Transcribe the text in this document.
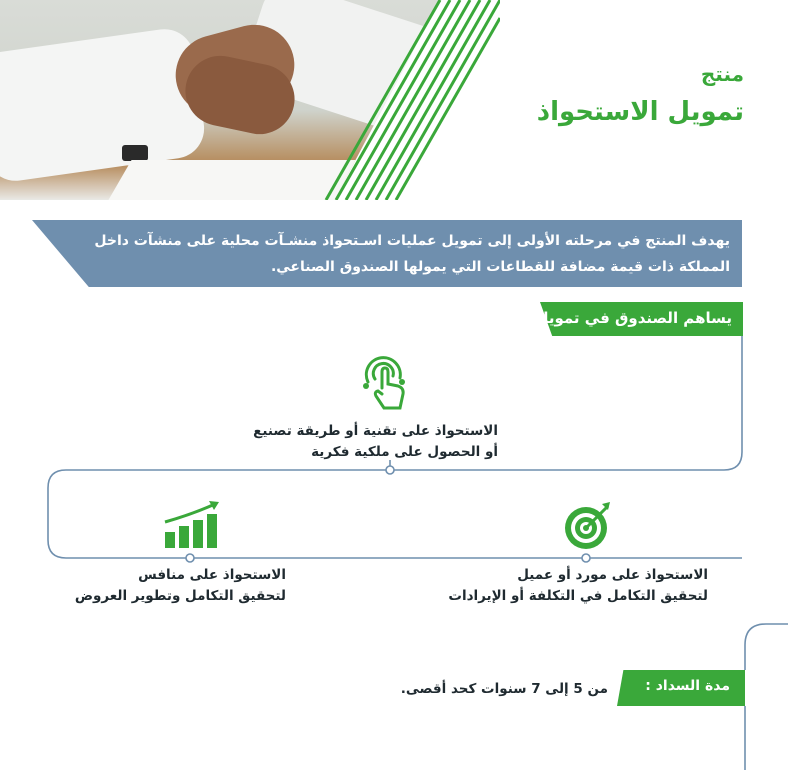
منتج
تمويل الاستحواذ
يهدف المنتج في مرحلته الأولى إلى تمويل عمليات اسـتحواذ منشـآت محلية على منشآت داخل المملكة ذات قيمة مضافة للقطاعات التي يمولها الصندوق الصناعي.
يساهم الصندوق في تمويل
الاستحواذ على تقنية أو طريقة تصنيع
أو الحصول على ملكية فكرية
الاستحواذ على مورد أو عميل
لتحقيق التكامل في التكلفة أو الإيرادات
الاستحواذ على منافس
لتحقيق التكامل وتطوير العروض
مدة السداد :
من 5 إلى 7 سنوات كحد أقصى.
